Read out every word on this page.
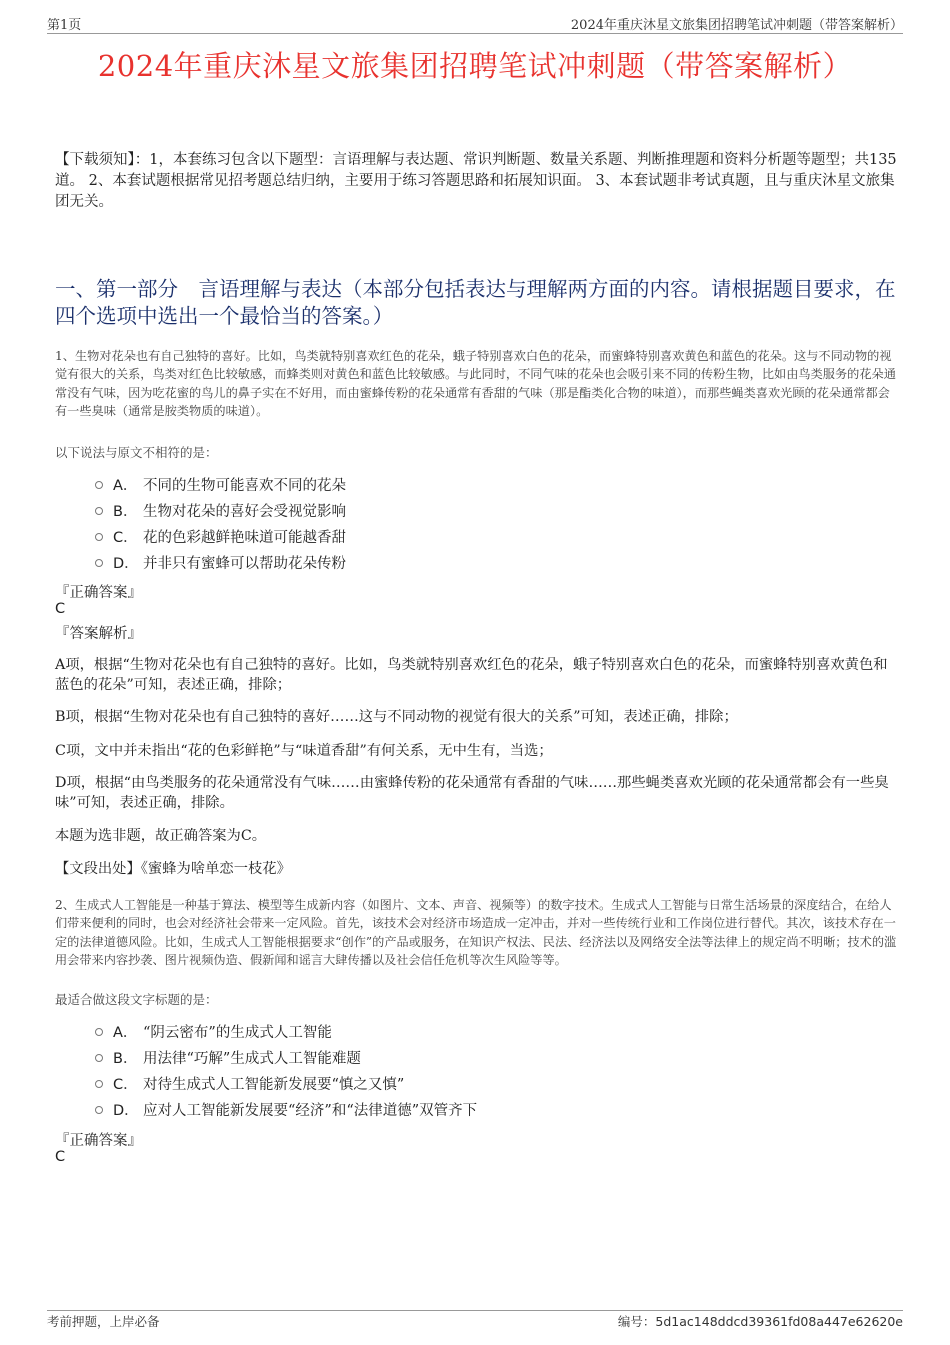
第1页	2024年重庆沐星文旅集团招聘笔试冲刺题（带答案解析）
2024年重庆沐星文旅集团招聘笔试冲刺题（带答案解析）
【下载须知】：1，本套练习包含以下题型：言语理解与表达题、常识判断题、数量关系题、判断推理题和资料分析题等题型；共135道。 2、本套试题根据常见招考题总结归纳，主要用于练习答题思路和拓展知识面。 3、本套试题非考试真题，且与重庆沐星文旅集团无关。
一、第一部分　言语理解与表达（本部分包括表达与理解两方面的内容。请根据题目要求，在四个选项中选出一个最恰当的答案。）
1、生物对花朵也有自己独特的喜好。比如，鸟类就特别喜欢红色的花朵，蛾子特别喜欢白色的花朵，而蜜蜂特别喜欢黄色和蓝色的花朵。这与不同动物的视觉有很大的关系，鸟类对红色比较敏感，而蜂类则对黄色和蓝色比较敏感。与此同时，不同气味的花朵也会吸引来不同的传粉生物，比如由鸟类服务的花朵通常没有气味，因为吃花蜜的鸟儿的鼻子实在不好用，而由蜜蜂传粉的花朵通常有香甜的气味（那是酯类化合物的味道），而那些蝇类喜欢光顾的花朵通常都会有一些臭味（通常是胺类物质的味道）。
以下说法与原文不相符的是：
A． 不同的生物可能喜欢不同的花朵
B． 生物对花朵的喜好会受视觉影响
C． 花的色彩越鲜艳味道可能越香甜
D． 并非只有蜜蜂可以帮助花朵传粉
『正确答案』
C
『答案解析』
A项，根据“生物对花朵也有自己独特的喜好。比如，鸟类就特别喜欢红色的花朵，蛾子特别喜欢白色的花朵，而蜜蜂特别喜欢黄色和蓝色的花朵”可知，表述正确，排除；
B项，根据“生物对花朵也有自己独特的喜好……这与不同动物的视觉有很大的关系”可知，表述正确，排除；
C项，文中并未指出“花的色彩鲜艳”与“味道香甜”有何关系，无中生有，当选；
D项，根据“由鸟类服务的花朵通常没有气味……由蜜蜂传粉的花朵通常有香甜的气味……那些蝇类喜欢光顾的花朵通常都会有一些臭味”可知，表述正确，排除。
本题为选非题，故正确答案为C。
【文段出处】《蜜蜂为啥单恋一枝花》
2、生成式人工智能是一种基于算法、模型等生成新内容（如图片、文本、声音、视频等）的数字技术。生成式人工智能与日常生活场景的深度结合，在给人们带来便利的同时，也会对经济社会带来一定风险。首先，该技术会对经济市场造成一定冲击，并对一些传统行业和工作岗位进行替代。其次，该技术存在一定的法律道德风险。比如，生成式人工智能根据要求“创作”的产品或服务，在知识产权法、民法、经济法以及网络安全法等法律上的规定尚不明晰；技术的滥用会带来内容抄袭、图片视频伪造、假新闻和谣言大肆传播以及社会信任危机等次生风险等等。
最适合做这段文字标题的是：
A． “阴云密布”的生成式人工智能
B． 用法律“巧解”生成式人工智能难题
C． 对待生成式人工智能新发展要“慎之又慎”
D． 应对人工智能新发展要“经济”和“法律道德”双管齐下
『正确答案』
C
考前押题，上岸必备	编号：5d1ac148ddcd39361fd08a447e62620e
